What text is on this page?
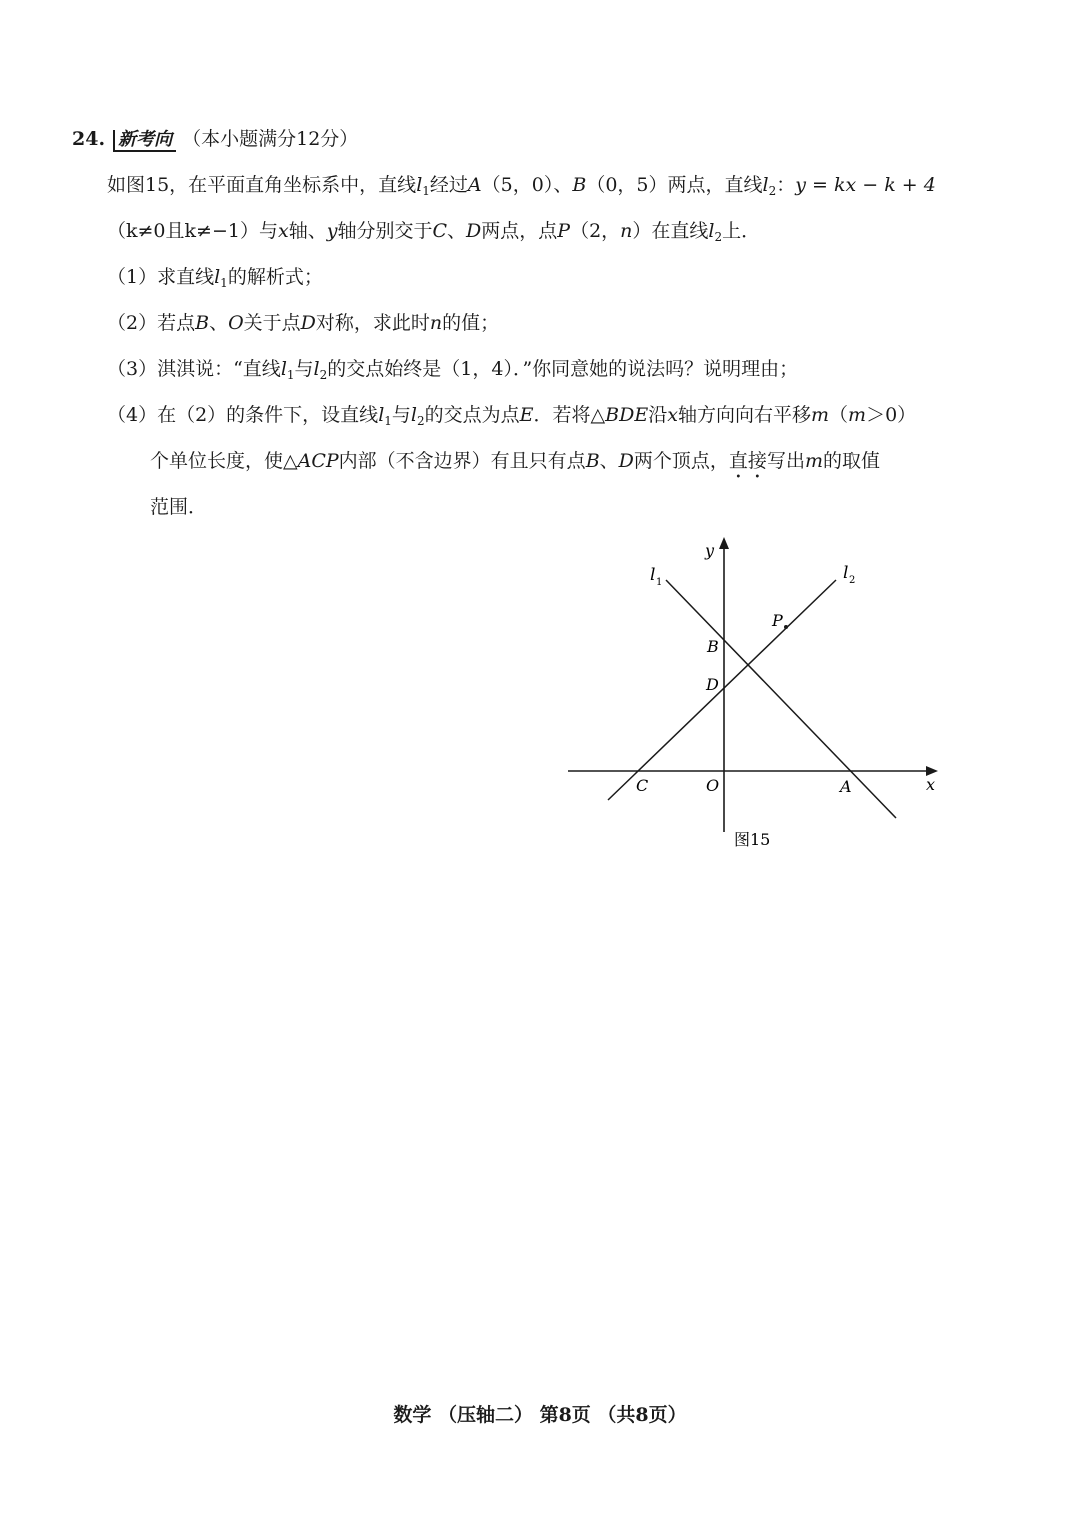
24. 新考向 （本小题满分12分）
如图15，在平面直角坐标系中，直线$l_1$经过A（5，0）、B（0，5）两点，直线$l_2$：y = kx − k + 4
（k≠0且k≠−1）与x轴、y轴分别交于C、D两点，点P（2，n）在直线$l_2$上．
（1）求直线$l_1$的解析式；
（2）若点B、O关于点D对称，求此时n的值；
（3）淇淇说：“直线$l_1$与$l_2$的交点始终是（1，4）．”你同意她的说法吗？说明理由；
（4）在（2）的条件下，设直线$l_1$与$l_2$的交点为点E．若将△BDE沿x轴方向向右平移m（m＞0）
个单位长度，使△ACP内部（不含边界）有且只有点B、D两个顶点，直接写出m的取值
范围．
y
x
O	A
C
B
D
P
l 1	l 2
图15
数学 （压轴二） 第8页 （共8页）
